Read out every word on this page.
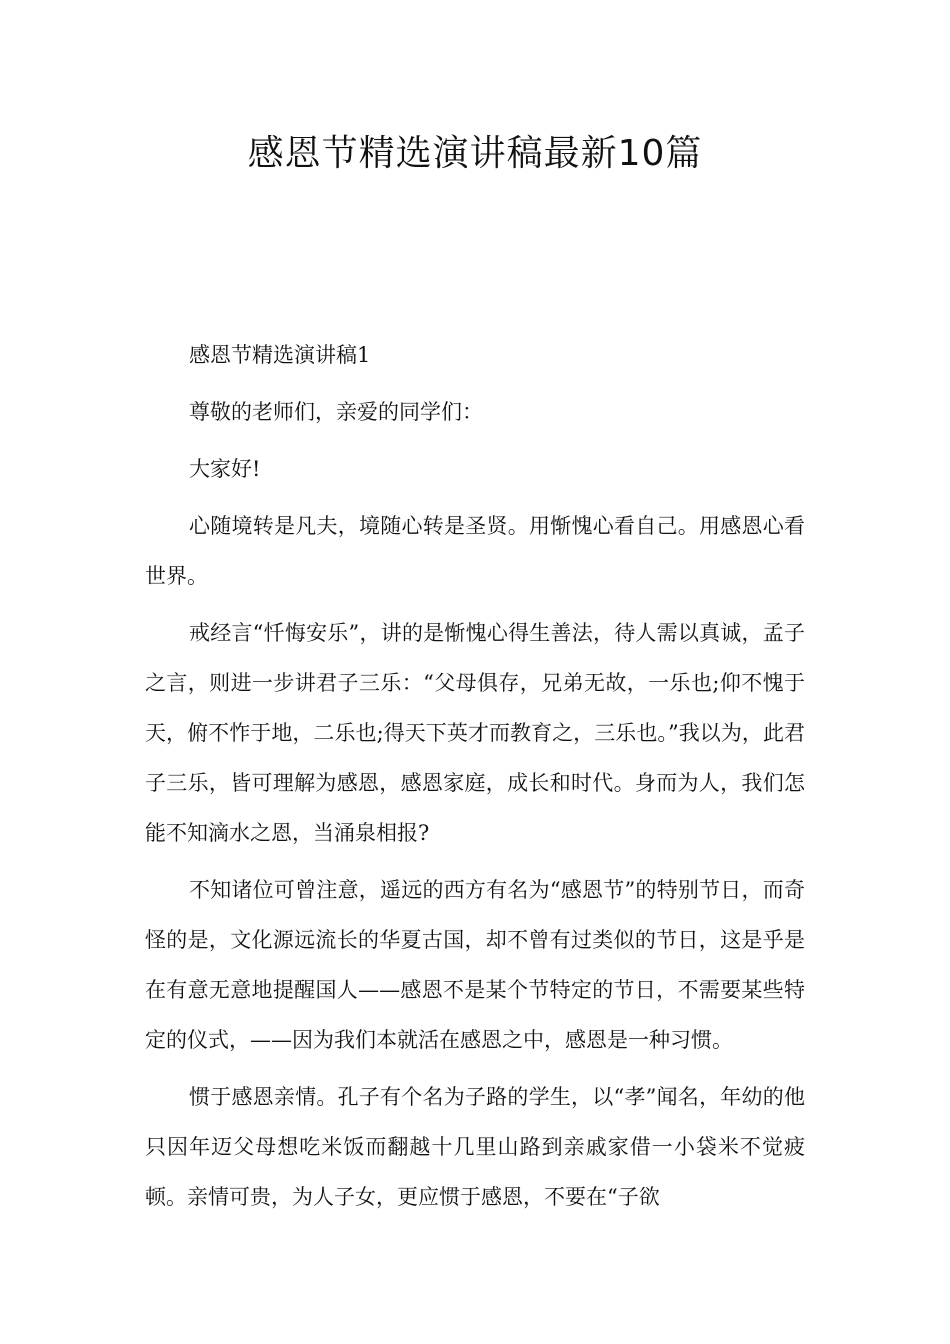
感恩节精选演讲稿最新10篇

感恩节精选演讲稿1

尊敬的老师们，亲爱的同学们：

大家好!

心随境转是凡夫，境随心转是圣贤。用惭愧心看自己。用感恩心看世界。

戒经言“忏悔安乐”，讲的是惭愧心得生善法，待人需以真诚，孟子之言，则进一步讲君子三乐：“父母俱存，兄弟无故，一乐也;仰不愧于天，俯不怍于地，二乐也;得天下英才而教育之，三乐也。”我以为，此君子三乐，皆可理解为感恩，感恩家庭，成长和时代。身而为人，我们怎能不知滴水之恩，当涌泉相报?

不知诸位可曾注意，遥远的西方有名为“感恩节”的特别节日，而奇怪的是，文化源远流长的华夏古国，却不曾有过类似的节日，这是乎是在有意无意地提醒国人——感恩不是某个节特定的节日，不需要某些特定的仪式，——因为我们本就活在感恩之中，感恩是一种习惯。

惯于感恩亲情。孔子有个名为子路的学生，以“孝”闻名，年幼的他只因年迈父母想吃米饭而翻越十几里山路到亲戚家借一小袋米不觉疲顿。亲情可贵，为人子女，更应惯于感恩，不要在“子欲
